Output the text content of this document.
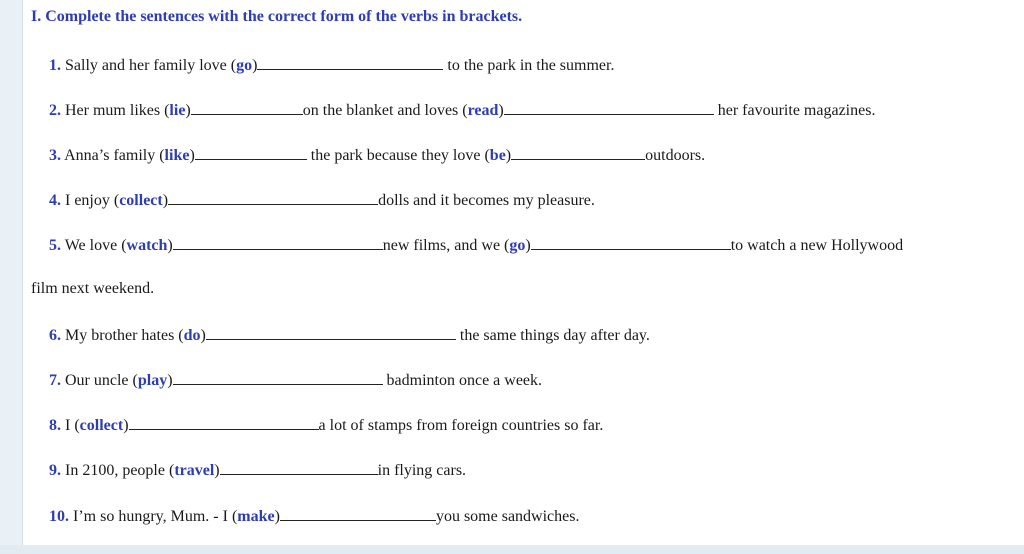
I. Complete the sentences with the correct form of the verbs in brackets.
1. Sally and her family love (go)	to the park in the summer.
2. Her mum likes (lie)	on the blanket and loves (read)	her favourite magazines.
3. Anna’s family (like)	the park because they love (be)	outdoors.
4. I enjoy (collect)	dolls and it becomes my pleasure.
5. We love (watch)	new films, and we (go)	to watch a new Hollywood
film next weekend.
6. My brother hates (do)	the same things day after day.
7. Our uncle (play)	badminton once a week.
8. I (collect)	a lot of stamps from foreign countries so far.
9. In 2100, people (travel)	in flying cars.
10. I’m so hungry, Mum. - I (make)	you some sandwiches.
